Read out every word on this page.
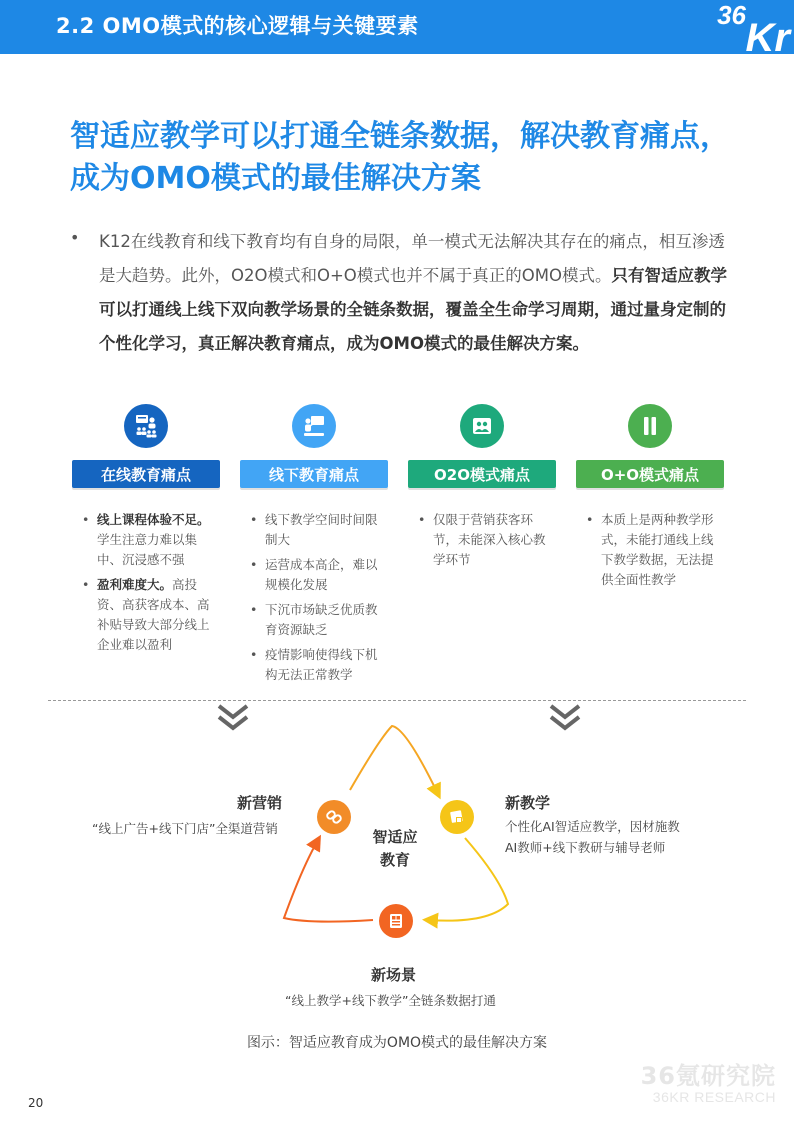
2.2 OMO模式的核心逻辑与关键要素	36
Kr
智适应教学可以打通全链条数据，解决教育痛点，成为OMO模式的最佳解决方案
• K12在线教育和线下教育均有自身的局限，单一模式无法解决其存在的痛点，相互渗透是大趋势。此外，O2O模式和O+O模式也并不属于真正的OMO模式。只有智适应教学可以打通线上线下双向教学场景的全链条数据，覆盖全生命学习周期，通过量身定制的个性化学习，真正解决教育痛点，成为OMO模式的最佳解决方案。
在线教育痛点
• 线上课程体验不足。学生注意力难以集中、沉浸感不强
• 盈利难度大。高投资、高获客成本、高补贴导致大部分线上企业难以盈利
线下教育痛点
• 线下教学空间时间限制大
• 运营成本高企，难以规模化发展
• 下沉市场缺乏优质教育资源缺乏
• 疫情影响使得线下机构无法正常教学
O2O模式痛点
• 仅限于营销获客环节，未能深入核心教学环节
O+O模式痛点
• 本质上是两种教学形式，未能打通线上线下教学数据，无法提供全面性教学
智适应
教育
新营销
“线上广告+线下门店”全渠道营销
新教学
个性化AI智适应教学，因材施教
AI教师+线下教研与辅导老师
新场景
“线上教学+线下教学”全链条数据打通
图示：智适应教育成为OMO模式的最佳解决方案
20
36氪研究院
36KR RESEARCH
